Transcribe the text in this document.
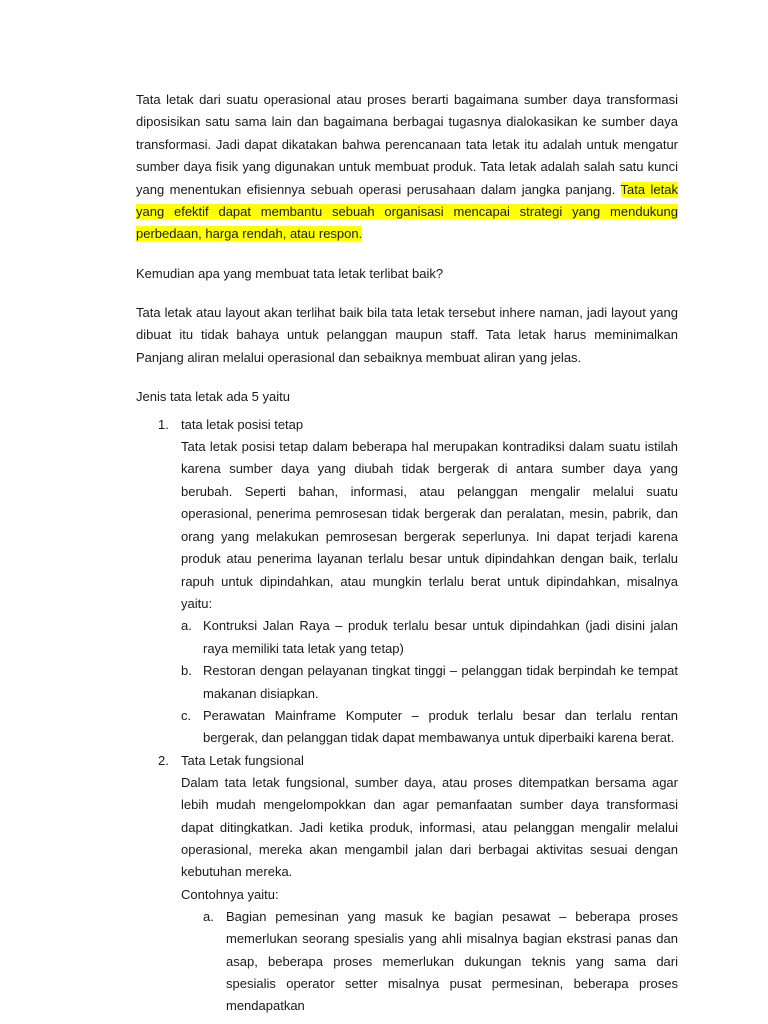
Tata letak dari suatu operasional atau proses berarti bagaimana sumber daya transformasi diposisikan satu sama lain dan bagaimana berbagai tugasnya dialokasikan ke sumber daya transformasi. Jadi dapat dikatakan bahwa perencanaan tata letak itu adalah untuk mengatur sumber daya fisik yang digunakan untuk membuat produk. Tata letak adalah salah satu kunci yang menentukan efisiennya sebuah operasi perusahaan dalam jangka panjang. Tata letak yang efektif dapat membantu sebuah organisasi mencapai strategi yang mendukung perbedaan, harga rendah, atau respon.

Kemudian apa yang membuat tata letak terlibat baik?

Tata letak atau layout akan terlihat baik bila tata letak tersebut inhere naman, jadi layout yang dibuat itu tidak bahaya untuk pelanggan maupun staff. Tata letak harus meminimalkan Panjang aliran melalui operasional dan sebaiknya membuat aliran yang jelas.

Jenis tata letak ada 5 yaitu

1. tata letak posisi tetap

Tata letak posisi tetap dalam beberapa hal merupakan kontradiksi dalam suatu istilah karena sumber daya yang diubah tidak bergerak di antara sumber daya yang berubah. Seperti bahan, informasi, atau pelanggan mengalir melalui suatu operasional, penerima pemrosesan tidak bergerak dan peralatan, mesin, pabrik, dan orang yang melakukan pemrosesan bergerak seperlunya. Ini dapat terjadi karena produk atau penerima layanan terlalu besar untuk dipindahkan dengan baik, terlalu rapuh untuk dipindahkan, atau mungkin terlalu berat untuk dipindahkan, misalnya yaitu:

a. Kontruksi Jalan Raya – produk terlalu besar untuk dipindahkan (jadi disini jalan raya memiliki tata letak yang tetap)

b. Restoran dengan pelayanan tingkat tinggi – pelanggan tidak berpindah ke tempat makanan disiapkan.

c. Perawatan Mainframe Komputer – produk terlalu besar dan terlalu rentan bergerak, dan pelanggan tidak dapat membawanya untuk diperbaiki karena berat.

2. Tata Letak fungsional

Dalam tata letak fungsional, sumber daya, atau proses ditempatkan bersama agar lebih mudah mengelompokkan dan agar pemanfaatan sumber daya transformasi dapat ditingkatkan. Jadi ketika produk, informasi, atau pelanggan mengalir melalui operasional, mereka akan mengambil jalan dari berbagai aktivitas sesuai dengan kebutuhan mereka.

Contohnya yaitu:

a. Bagian pemesinan yang masuk ke bagian pesawat – beberapa proses memerlukan seorang spesialis yang ahli misalnya bagian ekstrasi panas dan asap, beberapa proses memerlukan dukungan teknis yang sama dari spesialis operator setter misalnya pusat permesinan, beberapa proses mendapatkan
